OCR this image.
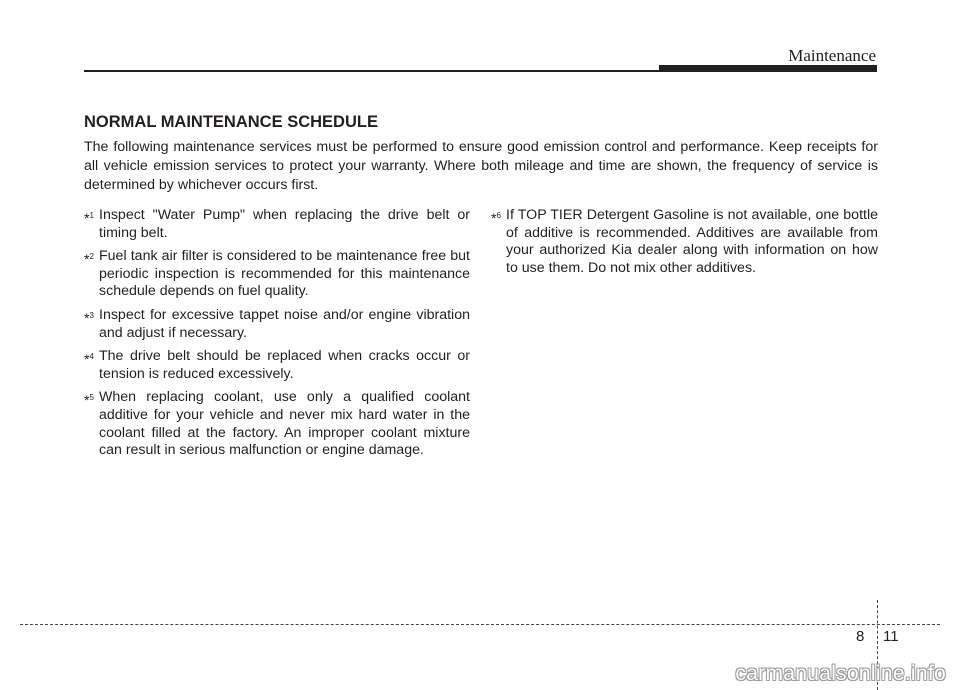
Maintenance
NORMAL MAINTENANCE SCHEDULE

The following maintenance services must be performed to ensure good emission control and performance. Keep receipts for all vehicle emission services to protect your warranty. Where both mileage and time are shown, the frequency of service is determined by whichever occurs first.

*$^1$ Inspect "Water Pump" when replacing the drive belt or timing belt.
*$^2$ Fuel tank air filter is considered to be maintenance free but periodic inspection is recommended for this maintenance schedule depends on fuel quality.
*$^3$ Inspect for excessive tappet noise and/or engine vibration and adjust if necessary.
*$^4$ The drive belt should be replaced when cracks occur or tension is reduced excessively.
*$^5$ When replacing coolant, use only a qualified coolant additive for your vehicle and never mix hard water in the coolant filled at the factory. An improper coolant mixture can result in serious malfunction or engine damage.
*$^6$ If TOP TIER Detergent Gasoline is not available, one bottle of additive is recommended. Additives are available from your authorized Kia dealer along with information on how to use them. Do not mix other additives.
8 11
carmanualsonline.info
